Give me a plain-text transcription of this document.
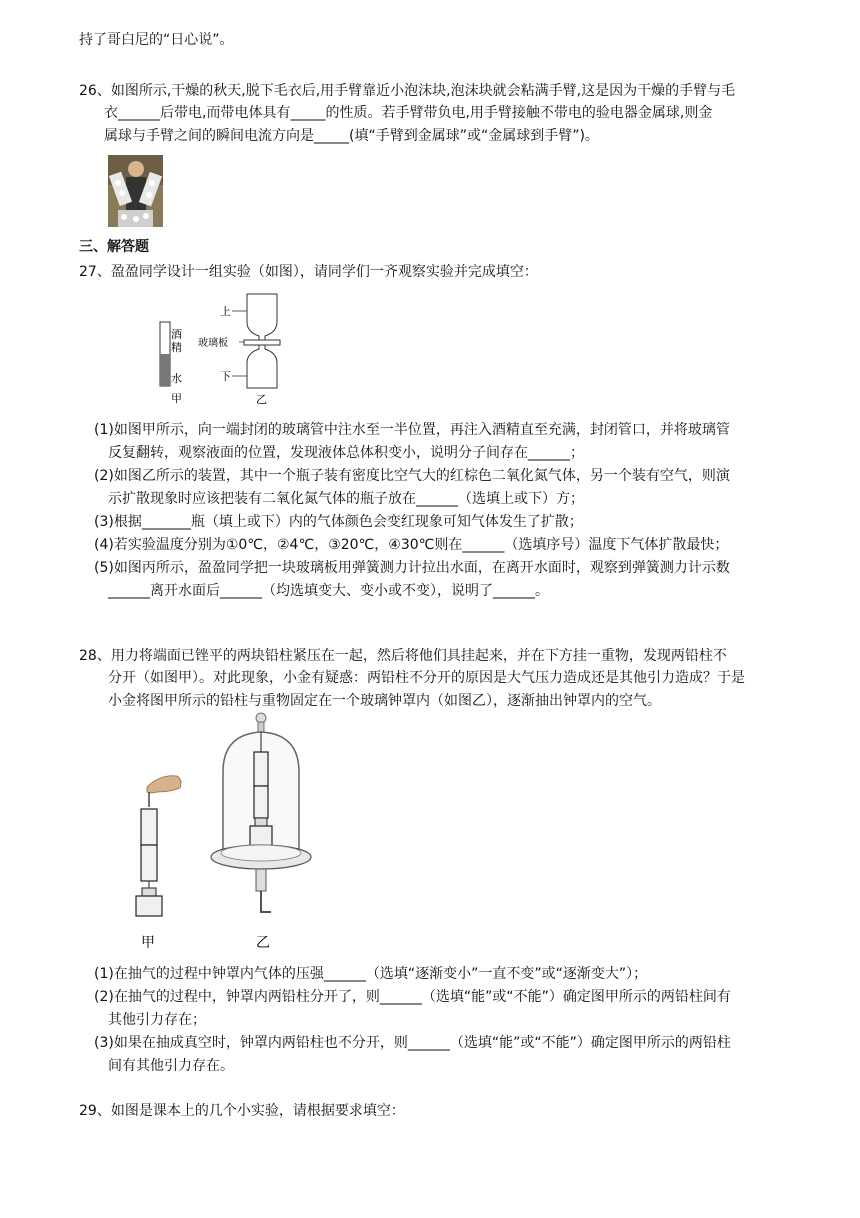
持了哥白尼的“日心说”。
26、如图所示,干燥的秋天,脱下毛衣后,用手臂靠近小泡沫块,泡沫块就会粘满手臂,这是因为干燥的手臂与毛
衣______后带电,而带电体具有_____的性质。若手臂带负电,用手臂接触不带电的验电器金属球,则金
属球与手臂之间的瞬间电流方向是_____(填“手臂到金属球”或“金属球到手臂”)。
三、解答题
27、盈盈同学设计一组实验（如图），请同学们一齐观察实验并完成填空：
酒
精
水
甲
上
玻璃板
下
乙
(1)如图甲所示，向一端封闭的玻璃管中注水至一半位置，再注入酒精直至充满，封闭管口，并将玻璃管
反复翻转，观察液面的位置，发现液体总体积变小，说明分子间存在______；
(2)如图乙所示的装置，其中一个瓶子装有密度比空气大的红棕色二氧化氮气体，另一个装有空气，则演
示扩散现象时应该把装有二氧化氮气体的瓶子放在______（选填上或下）方；
(3)根据_______瓶（填上或下）内的气体颜色会变红现象可知气体发生了扩散；
(4)若实验温度分别为①0℃，②4℃，③20℃，④30℃则在______（选填序号）温度下气体扩散最快；
(5)如图丙所示，盈盈同学把一块玻璃板用弹簧测力计拉出水面，在离开水面时，观察到弹簧测力计示数
______离开水面后______（均选填变大、变小或不变），说明了______。
28、用力将端面已锉平的两块铅柱紧压在一起，然后将他们具挂起来，并在下方挂一重物，发现两铅柱不
分开（如图甲）。对此现象，小金有疑惑：两铅柱不分开的原因是大气压力造成还是其他引力造成？于是
小金将图甲所示的铅柱与重物固定在一个玻璃钟罩内（如图乙），逐渐抽出钟罩内的空气。
甲	乙
(1)在抽气的过程中钟罩内气体的压强______（选填“逐渐变小”一直不变”或“逐渐变大”）；
(2)在抽气的过程中，钟罩内两铅柱分开了，则______（选填“能”或“不能”）确定图甲所示的两铅柱间有
其他引力存在；
(3)如果在抽成真空时，钟罩内两铅柱也不分开，则______（选填“能”或“不能”）确定图甲所示的两铅柱
间有其他引力存在。
29、如图是课本上的几个小实验，请根据要求填空：
